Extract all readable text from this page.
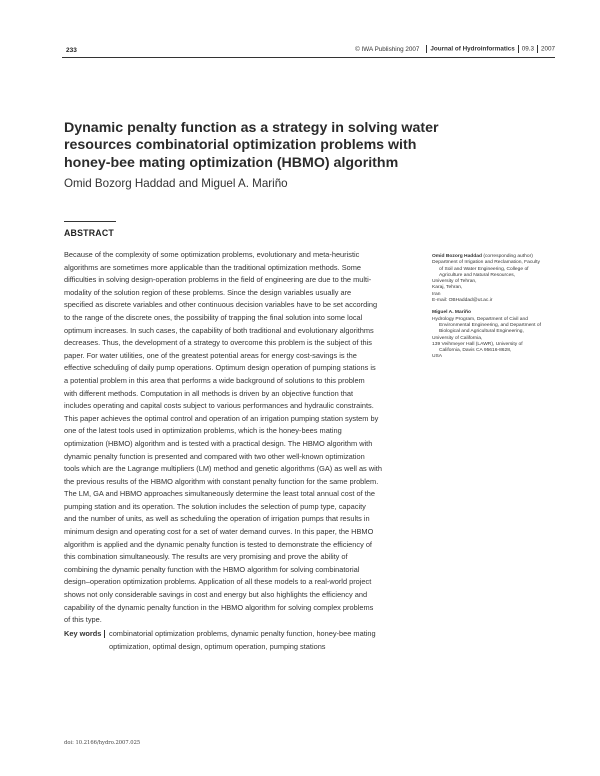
233	© IWA Publishing 2007 Journal of Hydroinformatics 09.3 2007
Dynamic penalty function as a strategy in solving water
resources combinatorial optimization problems with
honey-bee mating optimization (HBMO) algorithm
Omid Bozorg Haddad and Miguel A. Mariño
ABSTRACT
Because of the complexity of some optimization problems, evolutionary and meta-heuristic
algorithms are sometimes more applicable than the traditional optimization methods. Some
difficulties in solving design-operation problems in the field of engineering are due to the multi-
modality of the solution region of these problems. Since the design variables usually are
specified as discrete variables and other continuous decision variables have to be set according
to the range of the discrete ones, the possibility of trapping the final solution into some local
optimum increases. In such cases, the capability of both traditional and evolutionary algorithms
decreases. Thus, the development of a strategy to overcome this problem is the subject of this
paper. For water utilities, one of the greatest potential areas for energy cost-savings is the
effective scheduling of daily pump operations. Optimum design operation of pumping stations is
a potential problem in this area that performs a wide background of solutions to this problem
with different methods. Computation in all methods is driven by an objective function that
includes operating and capital costs subject to various performances and hydraulic constraints.
This paper achieves the optimal control and operation of an irrigation pumping station system by
one of the latest tools used in optimization problems, which is the honey-bees mating
optimization (HBMO) algorithm and is tested with a practical design. The HBMO algorithm with
dynamic penalty function is presented and compared with two other well-known optimization
tools which are the Lagrange multipliers (LM) method and genetic algorithms (GA) as well as with
the previous results of the HBMO algorithm with constant penalty function for the same problem.
The LM, GA and HBMO approaches simultaneously determine the least total annual cost of the
pumping station and its operation. The solution includes the selection of pump type, capacity
and the number of units, as well as scheduling the operation of irrigation pumps that results in
minimum design and operating cost for a set of water demand curves. In this paper, the HBMO
algorithm is applied and the dynamic penalty function is tested to demonstrate the efficiency of
this combination simultaneously. The results are very promising and prove the ability of
combining the dynamic penalty function with the HBMO algorithm for solving combinatorial
design–operation optimization problems. Application of all these models to a real-world project
shows not only considerable savings in cost and energy but also highlights the efficiency and
capability of the dynamic penalty function in the HBMO algorithm for solving complex problems
of this type.
Key words combinatorial optimization problems, dynamic penalty function, honey-bee mating
optimization, optimal design, optimum operation, pumping stations
Omid Bozorg Haddad (corresponding author)
Department of Irrigation and Reclamation, Faculty
of Soil and Water Engineering, College of
Agriculture and Natural Resources,
University of Tehran,
Karaj, Tehran,
Iran
E-mail: OBHaddad@ut.ac.ir
Miguel A. Mariño
Hydrology Program, Department of Civil and
Environmental Engineering, and Department of
Biological and Agricultural Engineering,
University of California,
139 Veihmeyer Hall (LAWR), University of
California, Davis CA 95616-8628,
USA
doi: 10.2166/hydro.2007.025
